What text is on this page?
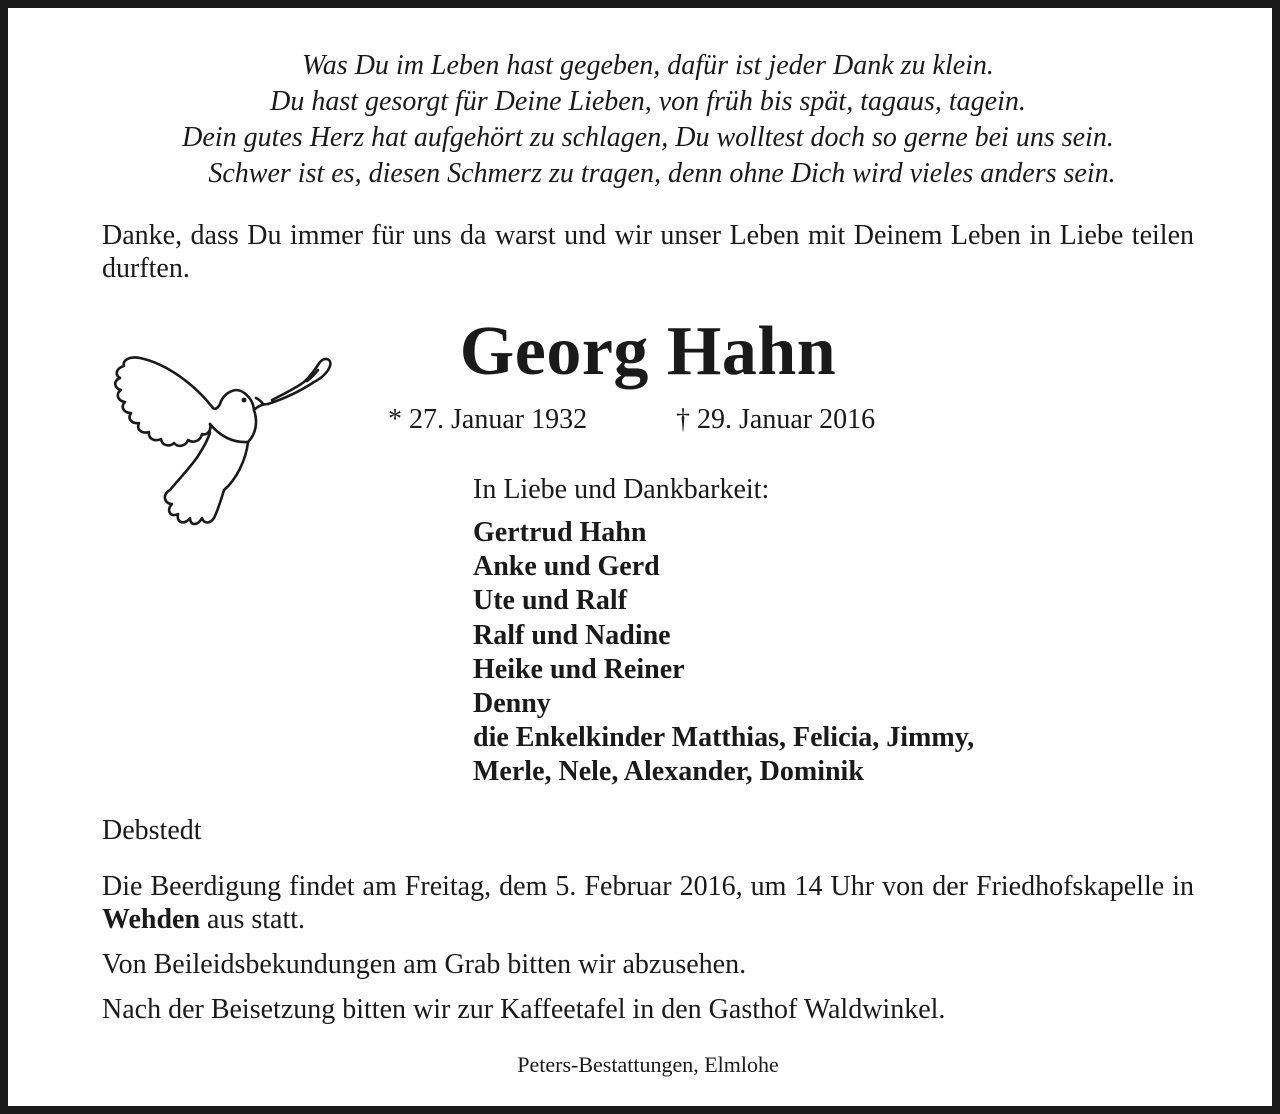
Was Du im Leben hast gegeben, dafür ist jeder Dank zu klein.
Du hast gesorgt für Deine Lieben, von früh bis spät, tagaus, tagein.
Dein gutes Herz hat aufgehört zu schlagen, Du wolltest doch so gerne bei uns sein.
Schwer ist es, diesen Schmerz zu tragen, denn ohne Dich wird vieles anders sein.

Danke, dass Du immer für uns da warst und wir unser Leben mit Deinem Leben in Liebe teilen durften.

Georg Hahn
* 27. Januar 1932	† 29. Januar 2016
In Liebe und Dankbarkeit:
Gertrud Hahn
Anke und Gerd
Ute und Ralf
Ralf und Nadine
Heike und Reiner
Denny
die Enkelkinder Matthias, Felicia, Jimmy,
Merle, Nele, Alexander, Dominik
Debstedt

Die Beerdigung findet am Freitag, dem 5. Februar 2016, um 14 Uhr von der Friedhofskapelle in Wehden aus statt.

Von Beileidsbekundungen am Grab bitten wir abzusehen.

Nach der Beisetzung bitten wir zur Kaffeetafel in den Gasthof Waldwinkel.

Peters-Bestattungen, Elmlohe
